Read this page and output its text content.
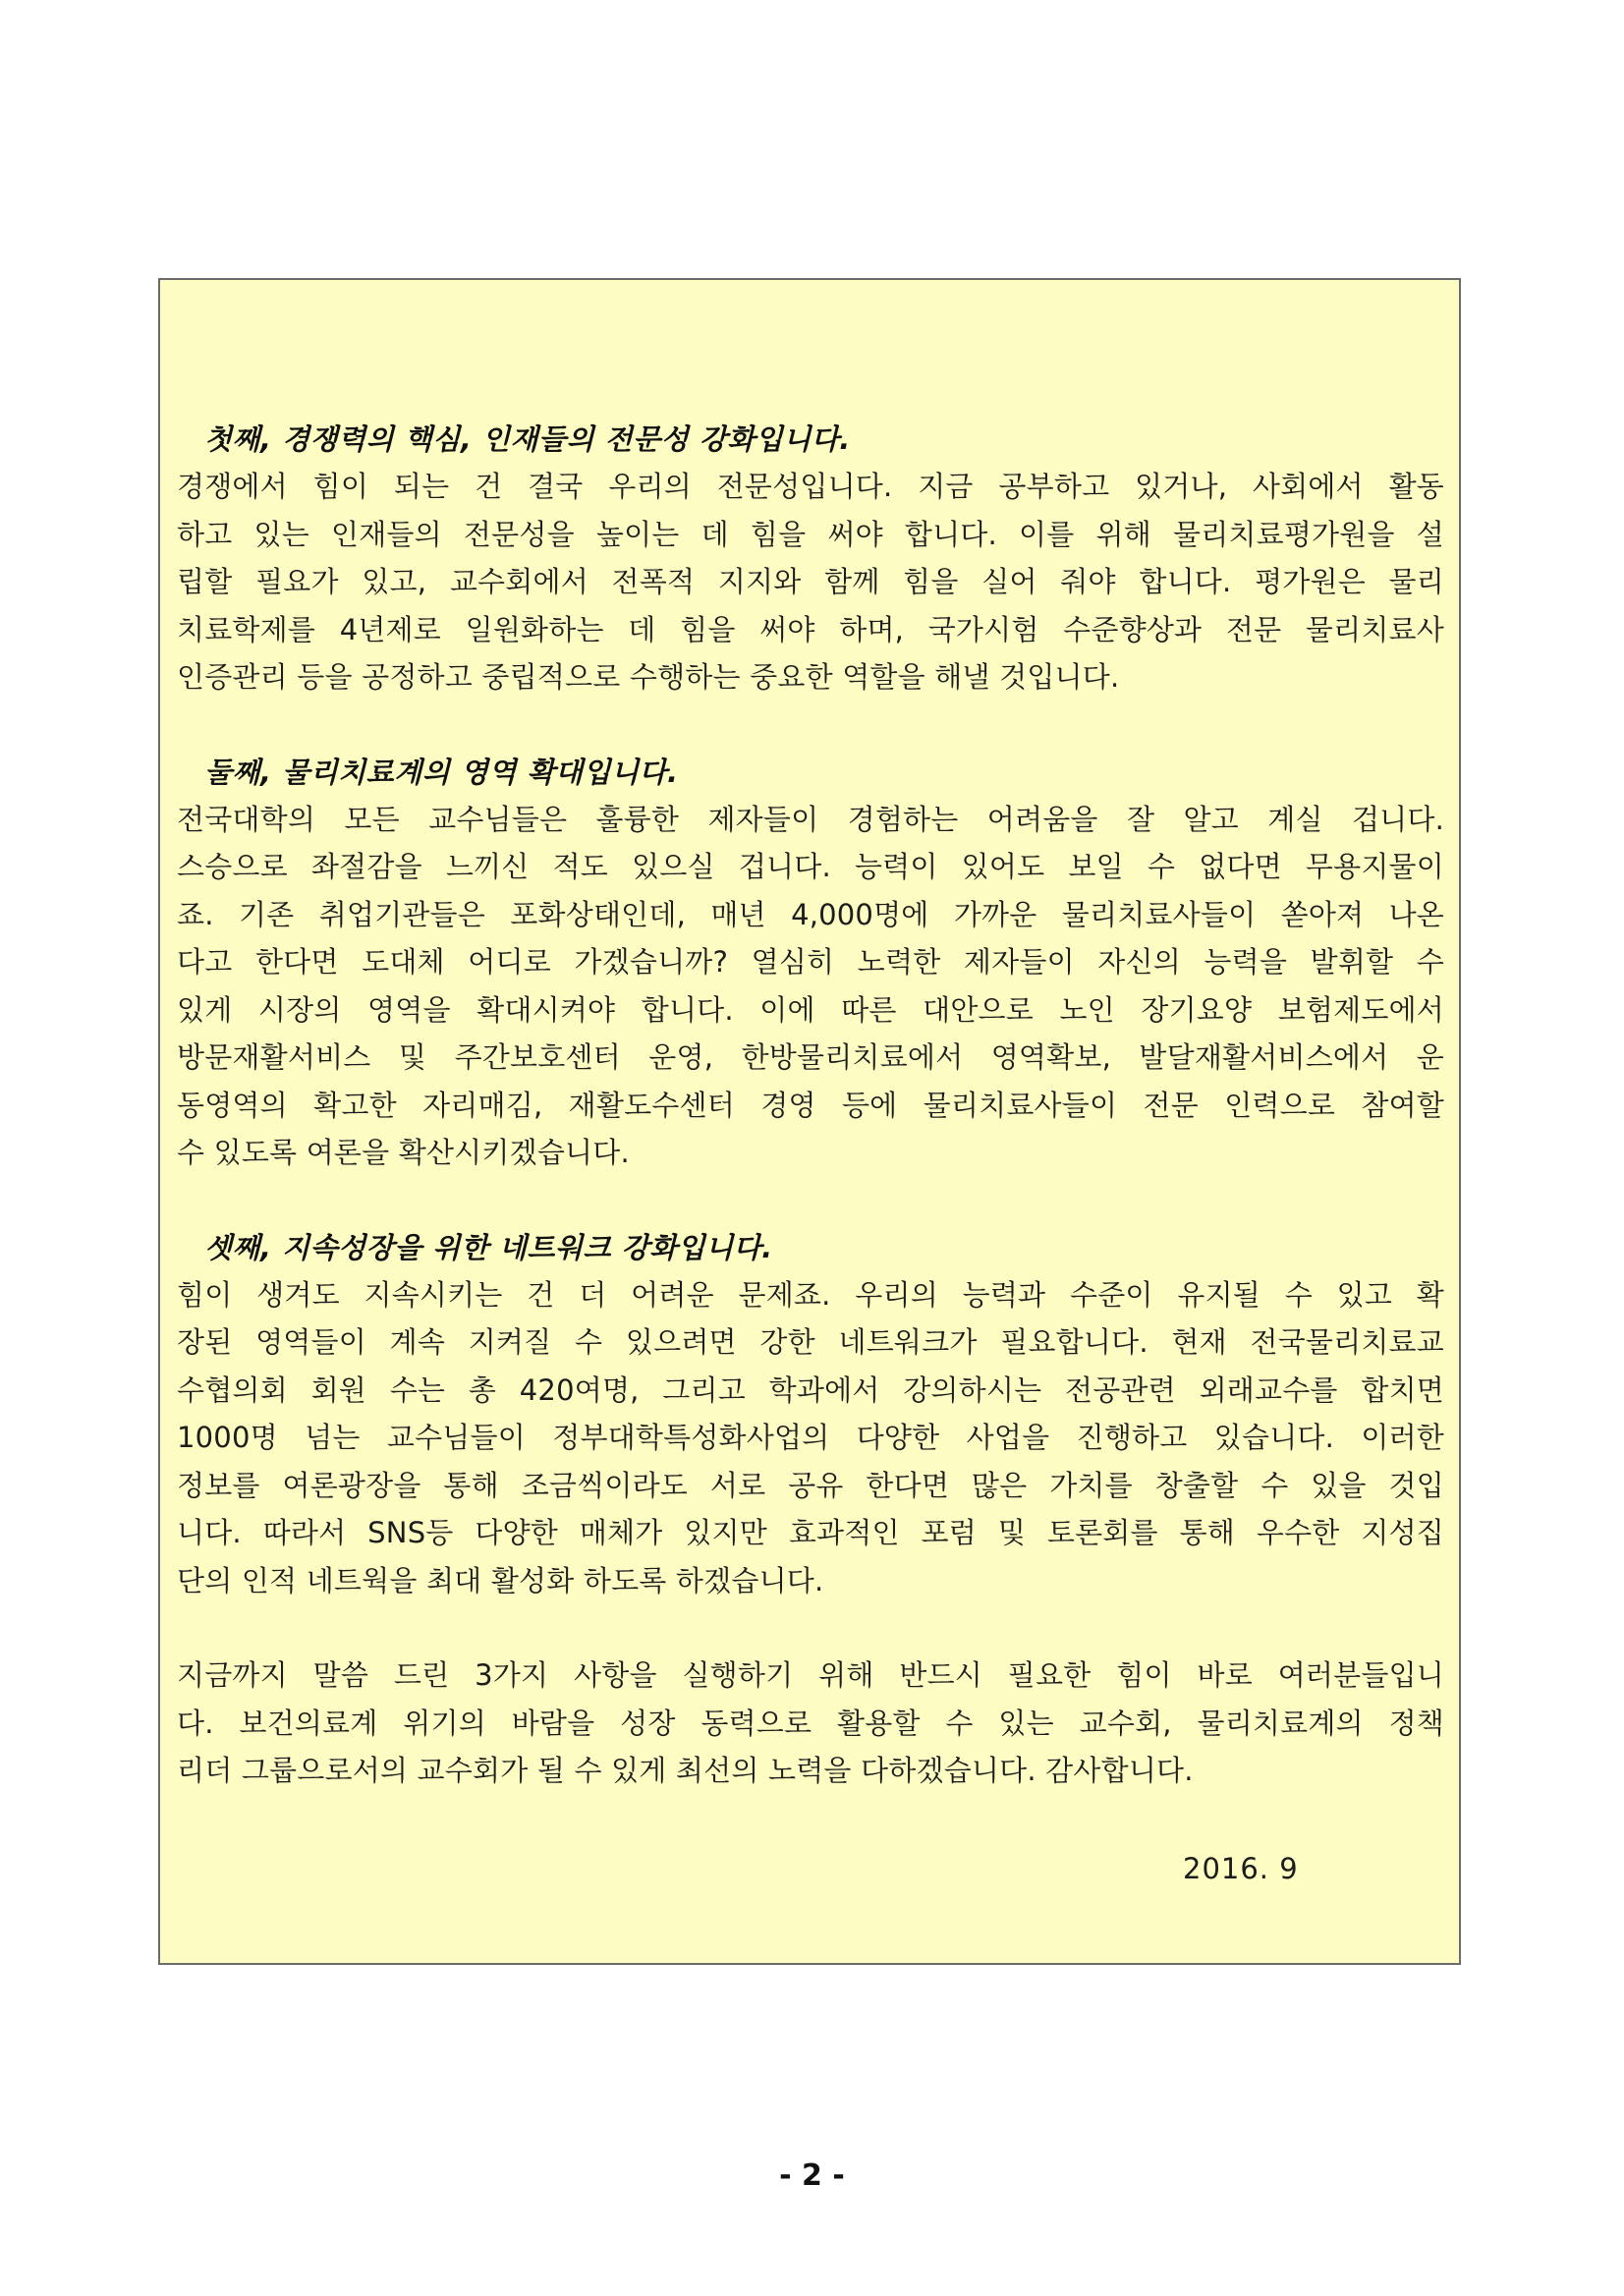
첫째, 경쟁력의 핵심, 인재들의 전문성 강화입니다.
경쟁에서 힘이 되는 건 결국 우리의 전문성입니다. 지금 공부하고 있거나, 사회에서 활동
하고 있는 인재들의 전문성을 높이는 데 힘을 써야 합니다. 이를 위해 물리치료평가원을 설
립할 필요가 있고, 교수회에서 전폭적 지지와 함께 힘을 실어 줘야 합니다. 평가원은 물리
치료학제를 4년제로 일원화하는 데 힘을 써야 하며, 국가시험 수준향상과 전문 물리치료사
인증관리 등을 공정하고 중립적으로 수행하는 중요한 역할을 해낼 것입니다.
둘째, 물리치료계의 영역 확대입니다.
전국대학의 모든 교수님들은 훌륭한 제자들이 경험하는 어려움을 잘 알고 계실 겁니다.
스승으로 좌절감을 느끼신 적도 있으실 겁니다. 능력이 있어도 보일 수 없다면 무용지물이
죠. 기존 취업기관들은 포화상태인데, 매년 4,000명에 가까운 물리치료사들이 쏟아져 나온
다고 한다면 도대체 어디로 가겠습니까? 열심히 노력한 제자들이 자신의 능력을 발휘할 수
있게 시장의 영역을 확대시켜야 합니다. 이에 따른 대안으로 노인 장기요양 보험제도에서
방문재활서비스 및 주간보호센터 운영, 한방물리치료에서 영역확보, 발달재활서비스에서 운
동영역의 확고한 자리매김, 재활도수센터 경영 등에 물리치료사들이 전문 인력으로 참여할
수 있도록 여론을 확산시키겠습니다.
셋째, 지속성장을 위한 네트워크 강화입니다.
힘이 생겨도 지속시키는 건 더 어려운 문제죠. 우리의 능력과 수준이 유지될 수 있고 확
장된 영역들이 계속 지켜질 수 있으려면 강한 네트워크가 필요합니다. 현재 전국물리치료교
수협의회 회원 수는 총 420여명, 그리고 학과에서 강의하시는 전공관련 외래교수를 합치면
1000명 넘는 교수님들이 정부대학특성화사업의 다양한 사업을 진행하고 있습니다. 이러한
정보를 여론광장을 통해 조금씩이라도 서로 공유 한다면 많은 가치를 창출할 수 있을 것입
니다. 따라서 SNS등 다양한 매체가 있지만 효과적인 포럼 및 토론회를 통해 우수한 지성집
단의 인적 네트웍을 최대 활성화 하도록 하겠습니다.
지금까지 말씀 드린 3가지 사항을 실행하기 위해 반드시 필요한 힘이 바로 여러분들입니
다. 보건의료계 위기의 바람을 성장 동력으로 활용할 수 있는 교수회, 물리치료계의 정책
리더 그룹으로서의 교수회가 될 수 있게 최선의 노력을 다하겠습니다. 감사합니다.
2016. 9
- 2 -
